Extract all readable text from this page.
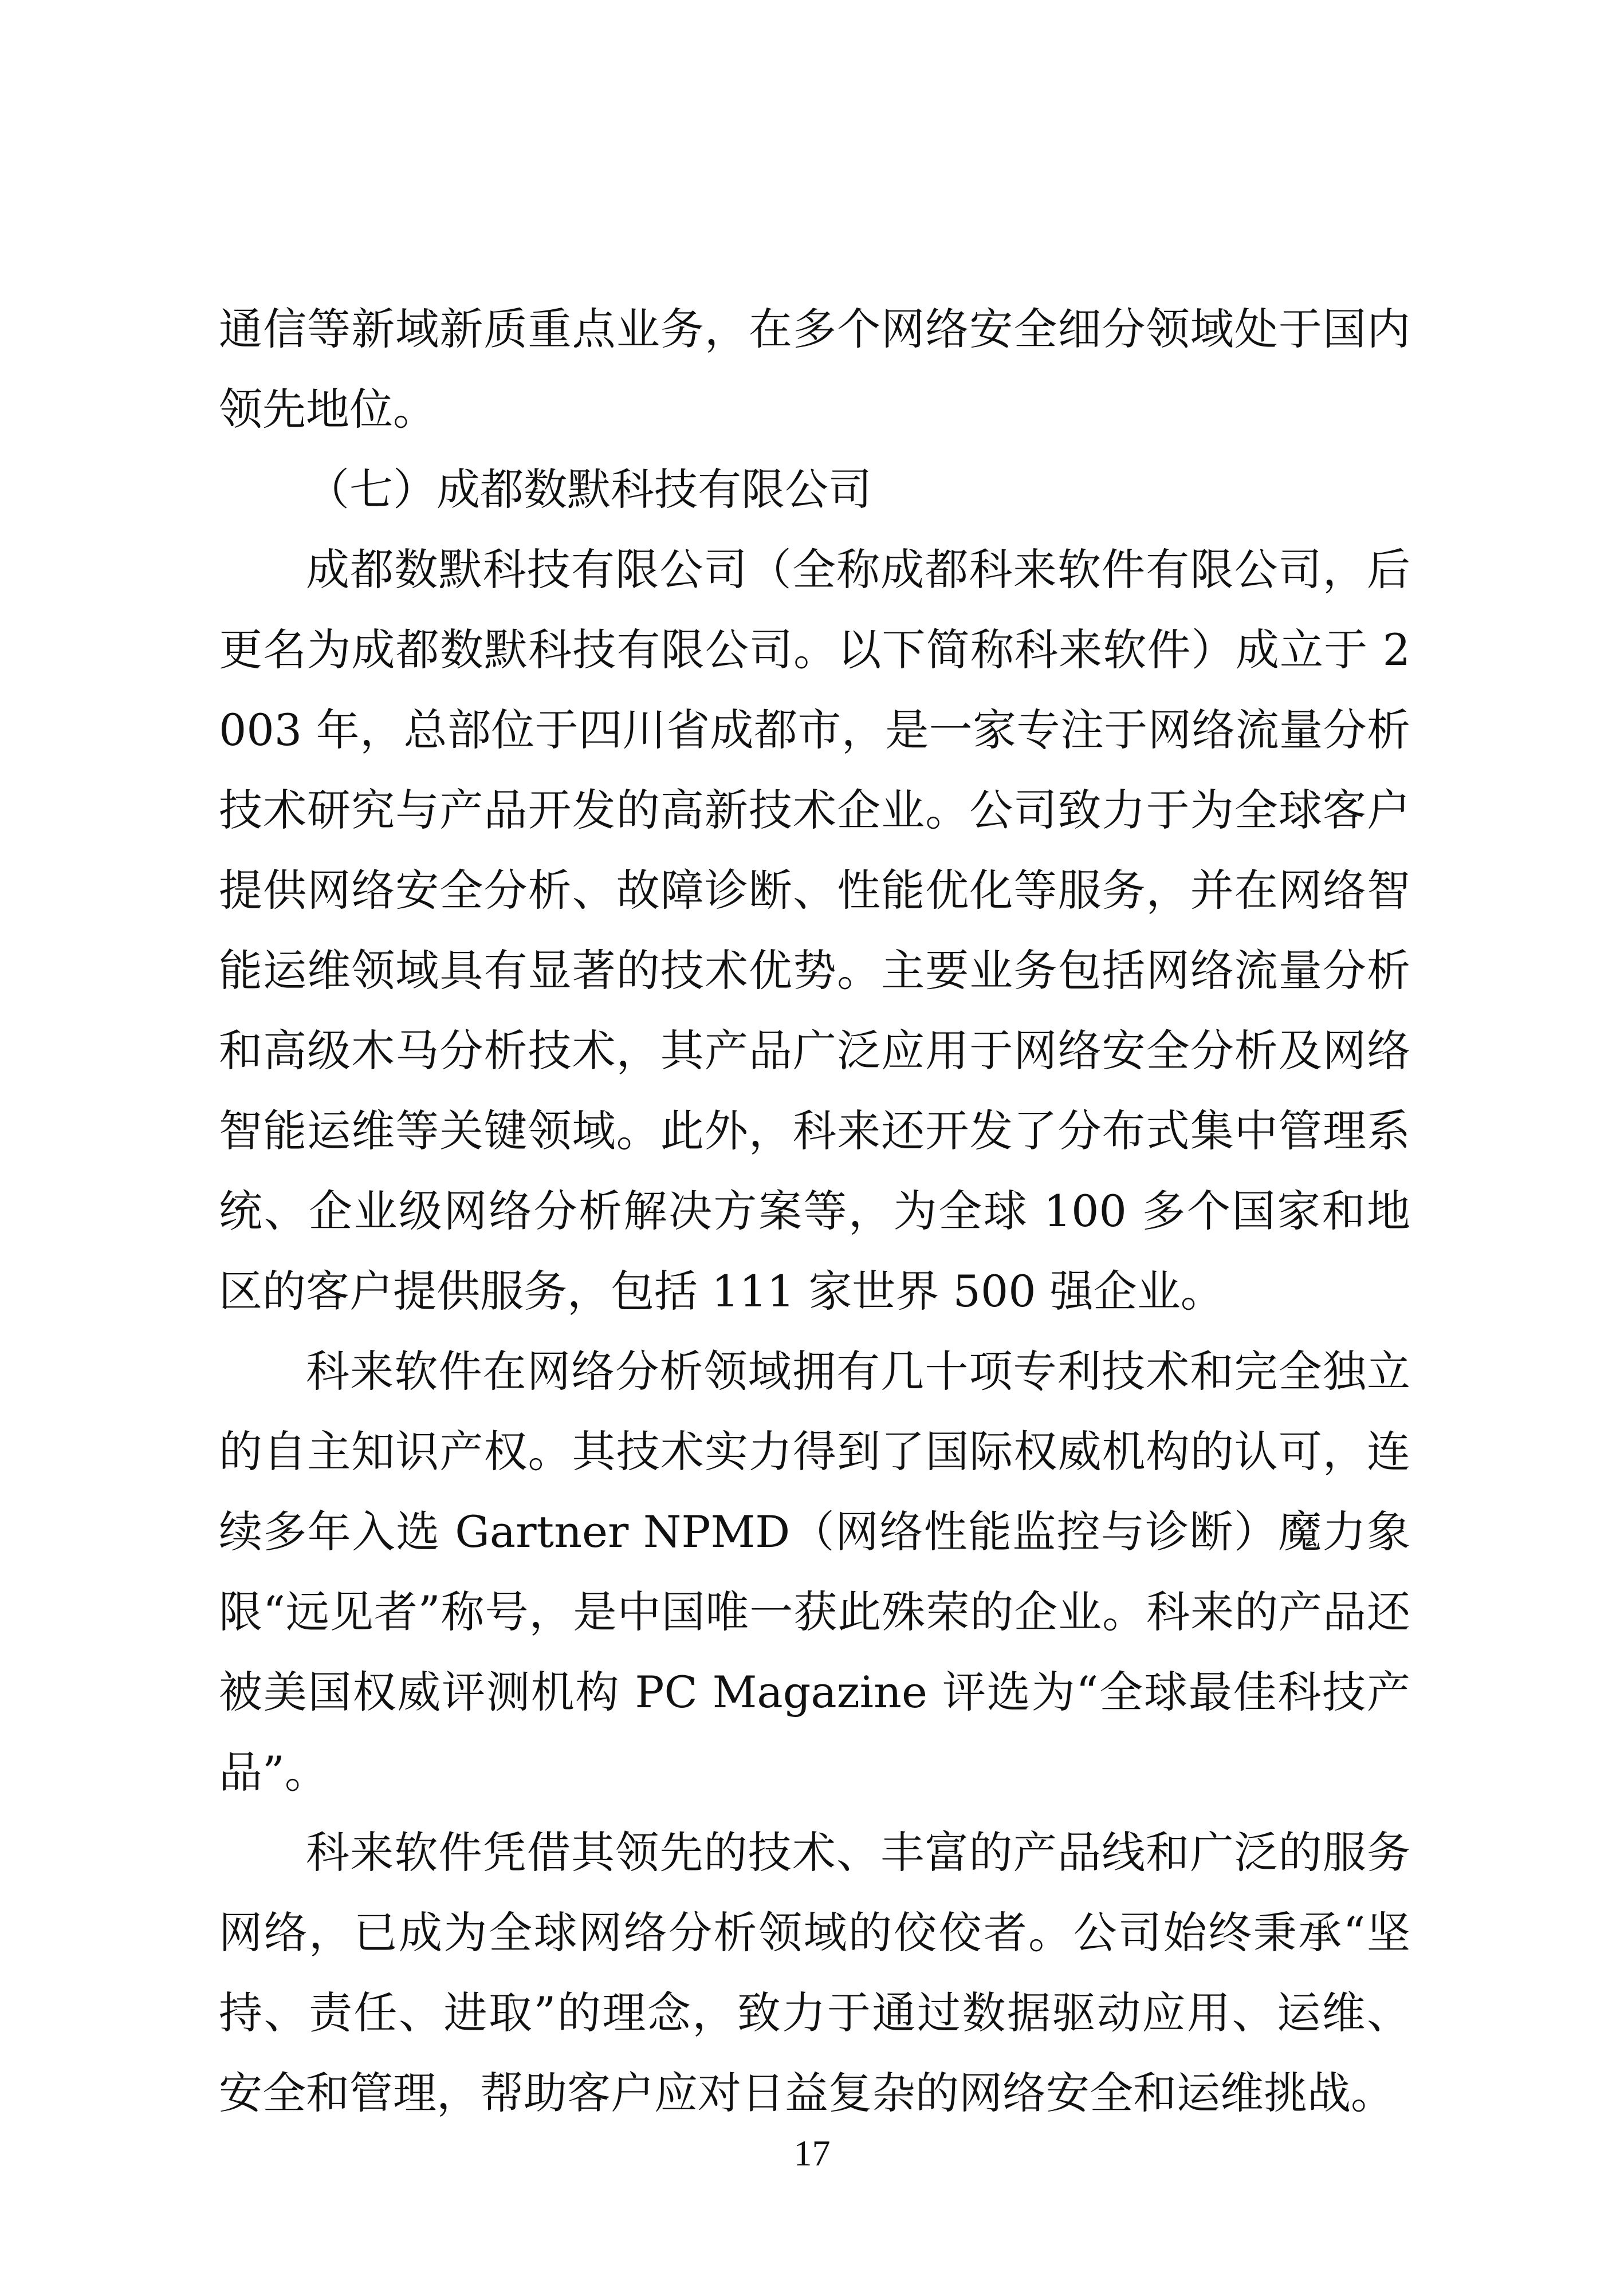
通信等新域新质重点业务，在多个网络安全细分领域处于国内领先地位。

（七）成都数默科技有限公司

成都数默科技有限公司（全称成都科来软件有限公司，后更名为成都数默科技有限公司。以下简称科来软件）成立于 2003 年，总部位于四川省成都市，是一家专注于网络流量分析技术研究与产品开发的高新技术企业。公司致力于为全球客户提供网络安全分析、故障诊断、性能优化等服务，并在网络智能运维领域具有显著的技术优势。主要业务包括网络流量分析和高级木马分析技术，其产品广泛应用于网络安全分析及网络智能运维等关键领域。此外，科来还开发了分布式集中管理系统、企业级网络分析解决方案等，为全球 100 多个国家和地区的客户提供服务，包括 111 家世界 500 强企业。

科来软件在网络分析领域拥有几十项专利技术和完全独立的自主知识产权。其技术实力得到了国际权威机构的认可，连续多年入选 Gartner NPMD（网络性能监控与诊断）魔力象限“远见者”称号，是中国唯一获此殊荣的企业。科来的产品还被美国权威评测机构 PC Magazine 评选为“全球最佳科技产品”。

科来软件凭借其领先的技术、丰富的产品线和广泛的服务网络，已成为全球网络分析领域的佼佼者。公司始终秉承“坚持、责任、进取”的理念，致力于通过数据驱动应用、运维、安全和管理，帮助客户应对日益复杂的网络安全和运维挑战。

17
